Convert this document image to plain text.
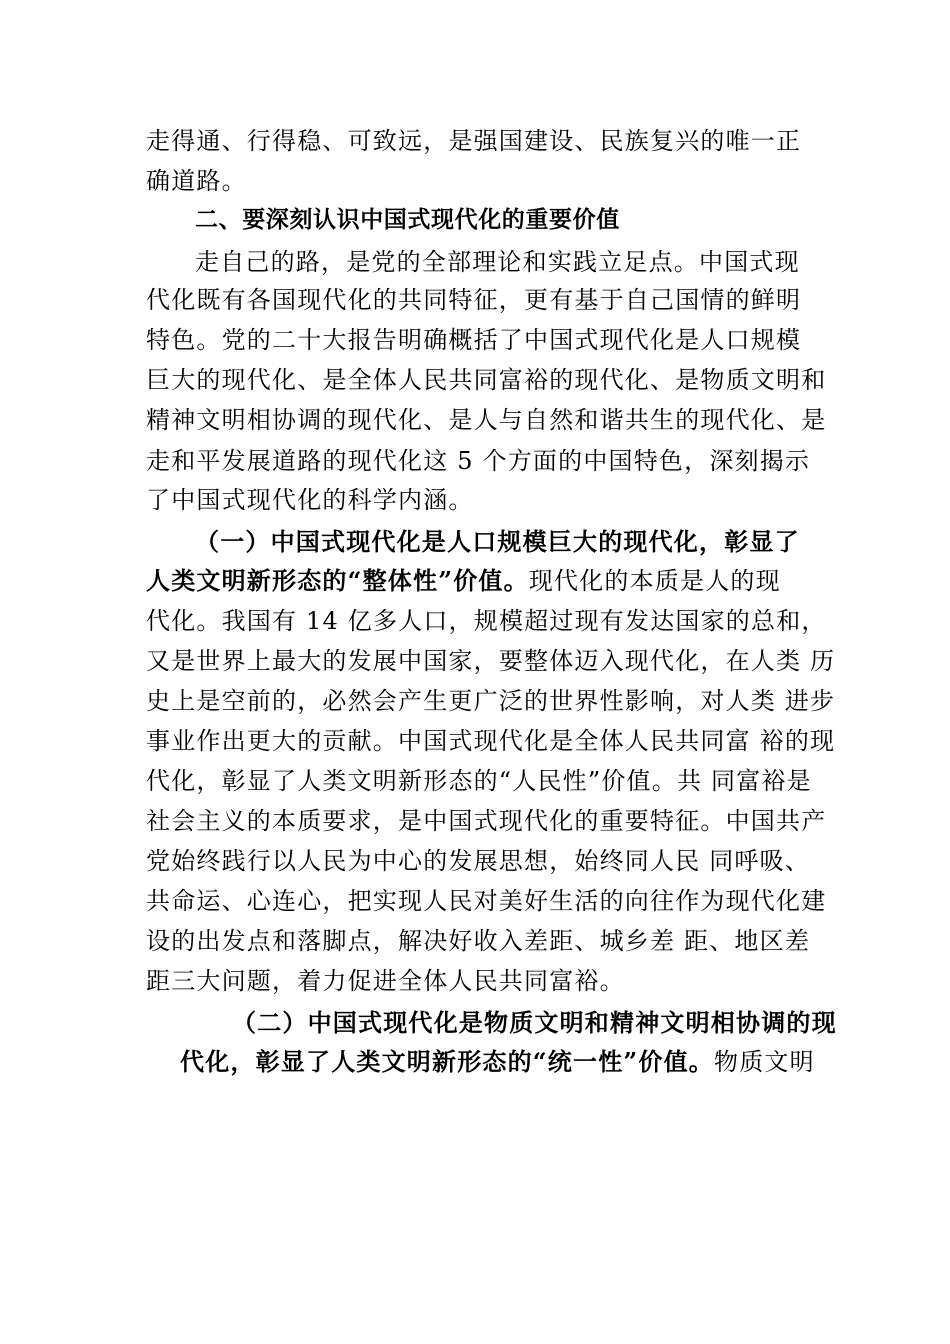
走得通、行得稳、可致远，是强国建设、民族复兴的唯一正
确道路。
二、要深刻认识中国式现代化的重要价值
走自己的路，是党的全部理论和实践立足点。中国式现
代化既有各国现代化的共同特征，更有基于自己国情的鲜明
特色。党的二十大报告明确概括了中国式现代化是人口规模
巨大的现代化、是全体人民共同富裕的现代化、是物质文明和
精神文明相协调的现代化、是人与自然和谐共生的现代化、是
走和平发展道路的现代化这 5 个方面的中国特色，深刻揭示
了中国式现代化的科学内涵。
（一）中国式现代化是人口规模巨大的现代化，彰显了
人类文明新形态的“整体性”价值。现代化的本质是人的现
代化。我国有 14 亿多人口，规模超过现有发达国家的总和，
又是世界上最大的发展中国家，要整体迈入现代化，在人类 历
史上是空前的，必然会产生更广泛的世界性影响，对人类 进步
事业作出更大的贡献。中国式现代化是全体人民共同富 裕的现
代化，彰显了人类文明新形态的“人民性”价值。共 同富裕是
社会主义的本质要求，是中国式现代化的重要特征。中国共产
党始终践行以人民为中心的发展思想，始终同人民 同呼吸、
共命运、心连心，把实现人民对美好生活的向往作为现代化建
设的出发点和落脚点，解决好收入差距、城乡差 距、地区差
距三大问题，着力促进全体人民共同富裕。
（二）中国式现代化是物质文明和精神文明相协调的现
代化，彰显了人类文明新形态的“统一性”价值。物质文明
